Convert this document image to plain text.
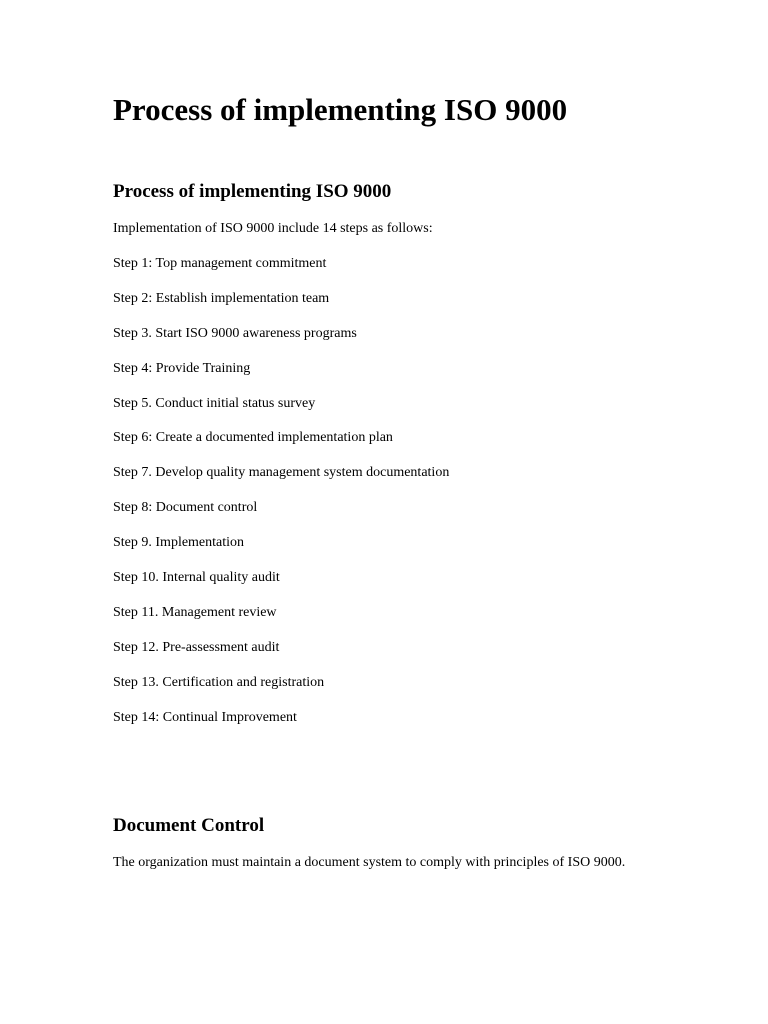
Process of implementing ISO 9000
Process of implementing ISO 9000

Implementation of ISO 9000 include 14 steps as follows:

Step 1: Top management commitment
Step 2: Establish implementation team
Step 3. Start ISO 9000 awareness programs
Step 4: Provide Training
Step 5. Conduct initial status survey
Step 6: Create a documented implementation plan
Step 7. Develop quality management system documentation
Step 8: Document control
Step 9. Implementation
Step 10. Internal quality audit
Step 11. Management review
Step 12. Pre-assessment audit
Step 13. Certification and registration
Step 14: Continual Improvement
Document Control

The organization must maintain a document system to comply with principles of ISO 9000.
